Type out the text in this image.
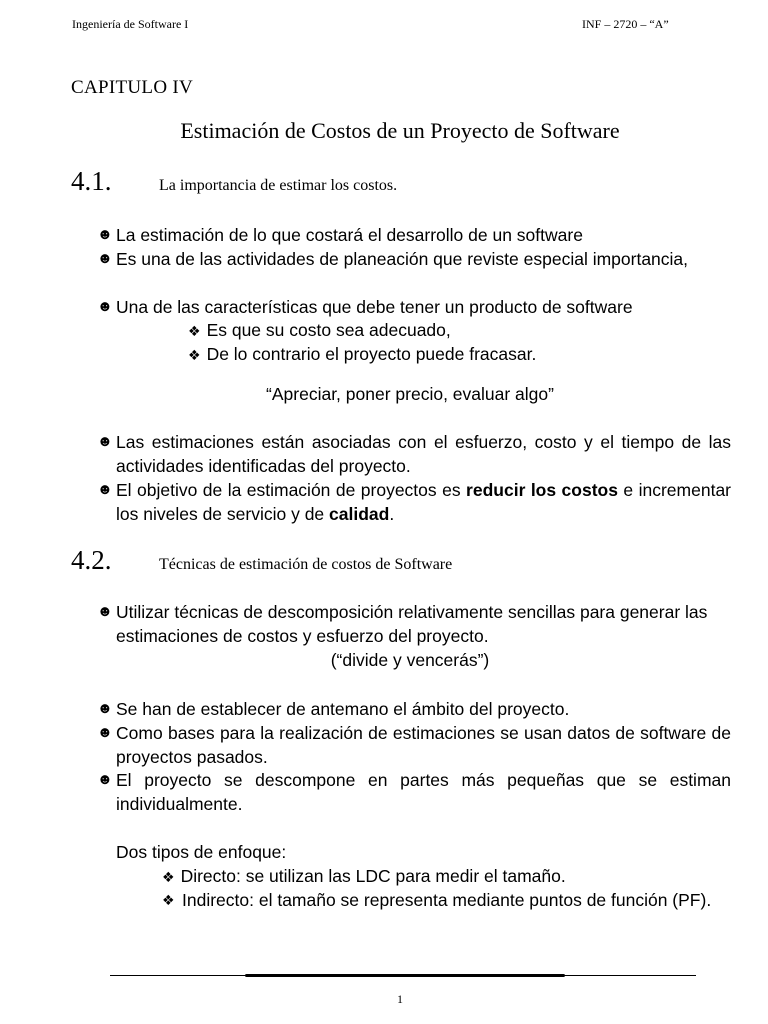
Ingeniería de Software I	INF – 2720 – “A”
CAPITULO IV
Estimación de Costos de un Proyecto de Software
4.1.	La importancia de estimar los costos.
☻ La estimación de lo que costará el desarrollo de un software
☻ Es una de las actividades de planeación que reviste especial importancia,
☻ Una de las características que debe tener un producto de software
❖ Es que su costo sea adecuado,
❖ De lo contrario el proyecto puede fracasar.
“Apreciar, poner precio, evaluar algo”
☻ Las estimaciones están asociadas con el esfuerzo, costo y el tiempo de las actividades identificadas del proyecto.
☻ El objetivo de la estimación de proyectos es reducir los costos e incrementar los niveles de servicio y de calidad.
4.2.	Técnicas de estimación de costos de Software
☻ Utilizar técnicas de descomposición relativamente sencillas para generar las estimaciones de costos y esfuerzo del proyecto.
(“divide y vencerás”)
☻ Se han de establecer de antemano el ámbito del proyecto.
☻ Como bases para la realización de estimaciones se usan datos de software de proyectos pasados.
☻ El proyecto se descompone en partes más pequeñas que se estiman individualmente.
Dos tipos de enfoque:
❖ Directo: se utilizan las LDC para medir el tamaño.
❖ Indirecto: el tamaño se representa mediante puntos de función (PF).
1
